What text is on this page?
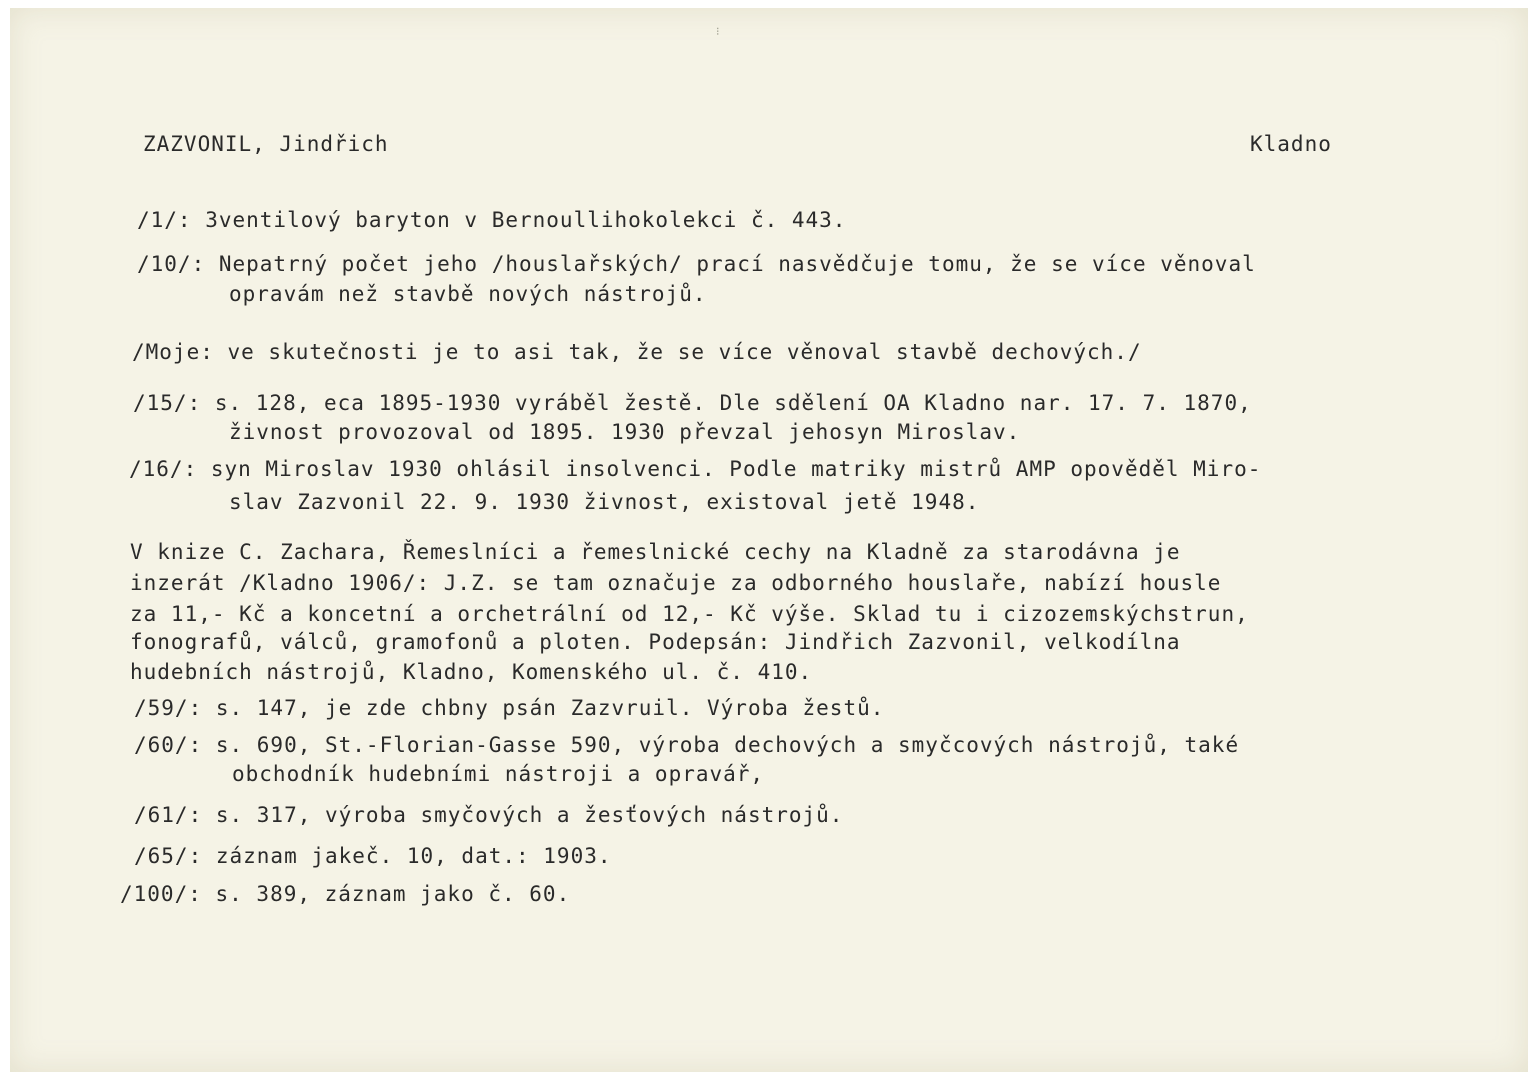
⁝
ZAZVONIL, Jindřich	Kladno
/1/: 3ventilový baryton v Bernoullihokolekci č. 443.
/10/: Nepatrný počet jeho /houslařských/ prací nasvědčuje tomu, že se více věnoval
opravám než stavbě nových nástrojů.
/Moje: ve skutečnosti je to asi tak, že se více věnoval stavbě dechových./
/15/: s. 128, eca 1895-1930 vyráběl žestě. Dle sdělení OA Kladno nar. 17. 7. 1870,
živnost provozoval od 1895. 1930 převzal jehosyn Miroslav.
/16/: syn Miroslav 1930 ohlásil insolvenci. Podle matriky mistrů AMP opověděl Miro-
slav Zazvonil 22. 9. 1930 živnost, existoval jetě 1948.
V knize C. Zachara, Řemeslníci a řemeslnické cechy na Kladně za starodávna je
inzerát /Kladno 1906/: J.Z. se tam označuje za odborného houslaře, nabízí housle
za 11,- Kč a koncetní a orchetrální od 12,- Kč výše. Sklad tu i cizozemskýchstrun,
fonografů, válců, gramofonů a ploten. Podepsán: Jindřich Zazvonil, velkodílna
hudebních nástrojů, Kladno, Komenského ul. č. 410.
/59/: s. 147, je zde chbny psán Zazvruil. Výroba žestů.
/60/: s. 690, St.-Florian-Gasse 590, výroba dechových a smyčcových nástrojů, také
obchodník hudebními nástroji a opravář,
/61/: s. 317, výroba smyčových a žesťových nástrojů.
/65/: záznam jakeč. 10, dat.: 1903.
/100/: s. 389, záznam jako č. 60.
